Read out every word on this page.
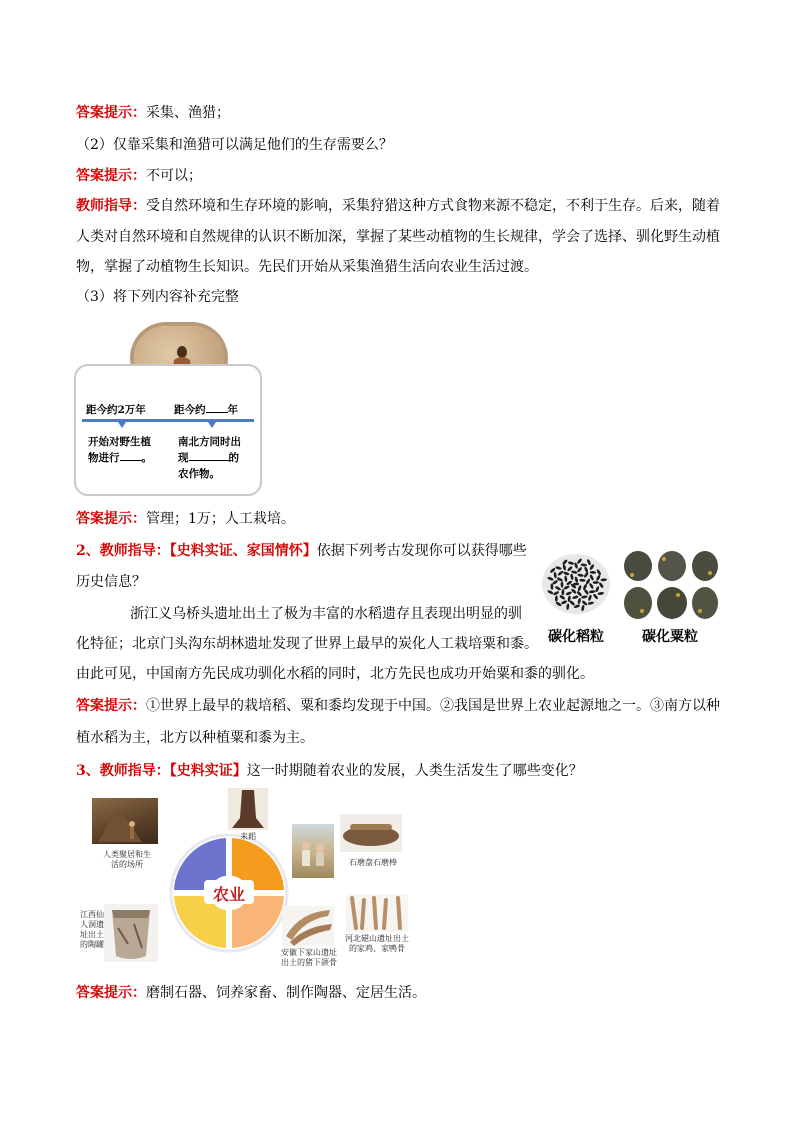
答案提示：采集、渔猎；
（2）仅靠采集和渔猎可以满足他们的生存需要么？
答案提示：不可以；
教师指导：受自然环境和生存环境的影响，采集狩猎这种方式食物来源不稳定，不利于生存。后来，随着
人类对自然环境和自然规律的认识不断加深，掌握了某些动植物的生长规律，学会了选择、驯化野生动植
物，掌握了动植物生长知识。先民们开始从采集渔猎生活向农业生活过渡。
（3）将下列内容补充完整
距今约2万年	距今约 年
开始对野生植
物进行 。
南北方同时出
现	的
农作物。
答案提示：管理；1万；人工栽培。
2、教师指导：【史料实证、家国情怀】依据下列考古发现你可以获得哪些
历史信息？
浙江义乌桥头遗址出土了极为丰富的水稻遗存且表现出明显的驯
化特征；北京门头沟东胡林遗址发现了世界上最早的炭化人工栽培粟和黍。
由此可见，中国南方先民成功驯化水稻的同时，北方先民也成功开始粟和黍的驯化。
碳化稻粒	碳化粟粒
答案提示：①世界上最早的栽培稻、粟和黍均发现于中国。②我国是世界上农业起源地之一。③南方以种
植水稻为主，北方以种植粟和黍为主。
3、教师指导：【史料实证】这一时期随着农业的发展，人类生活发生了哪些变化？
农业
人类聚居和生
活的场所
耒耜
石磨盘石磨棒
江西仙
人洞遗
址出土
的陶罐
安徽下家山遗址
出土的猪下颌骨
河北磁山遗址出土
的家鸡、家鸭骨
答案提示：磨制石器、饲养家畜、制作陶器、定居生活。
